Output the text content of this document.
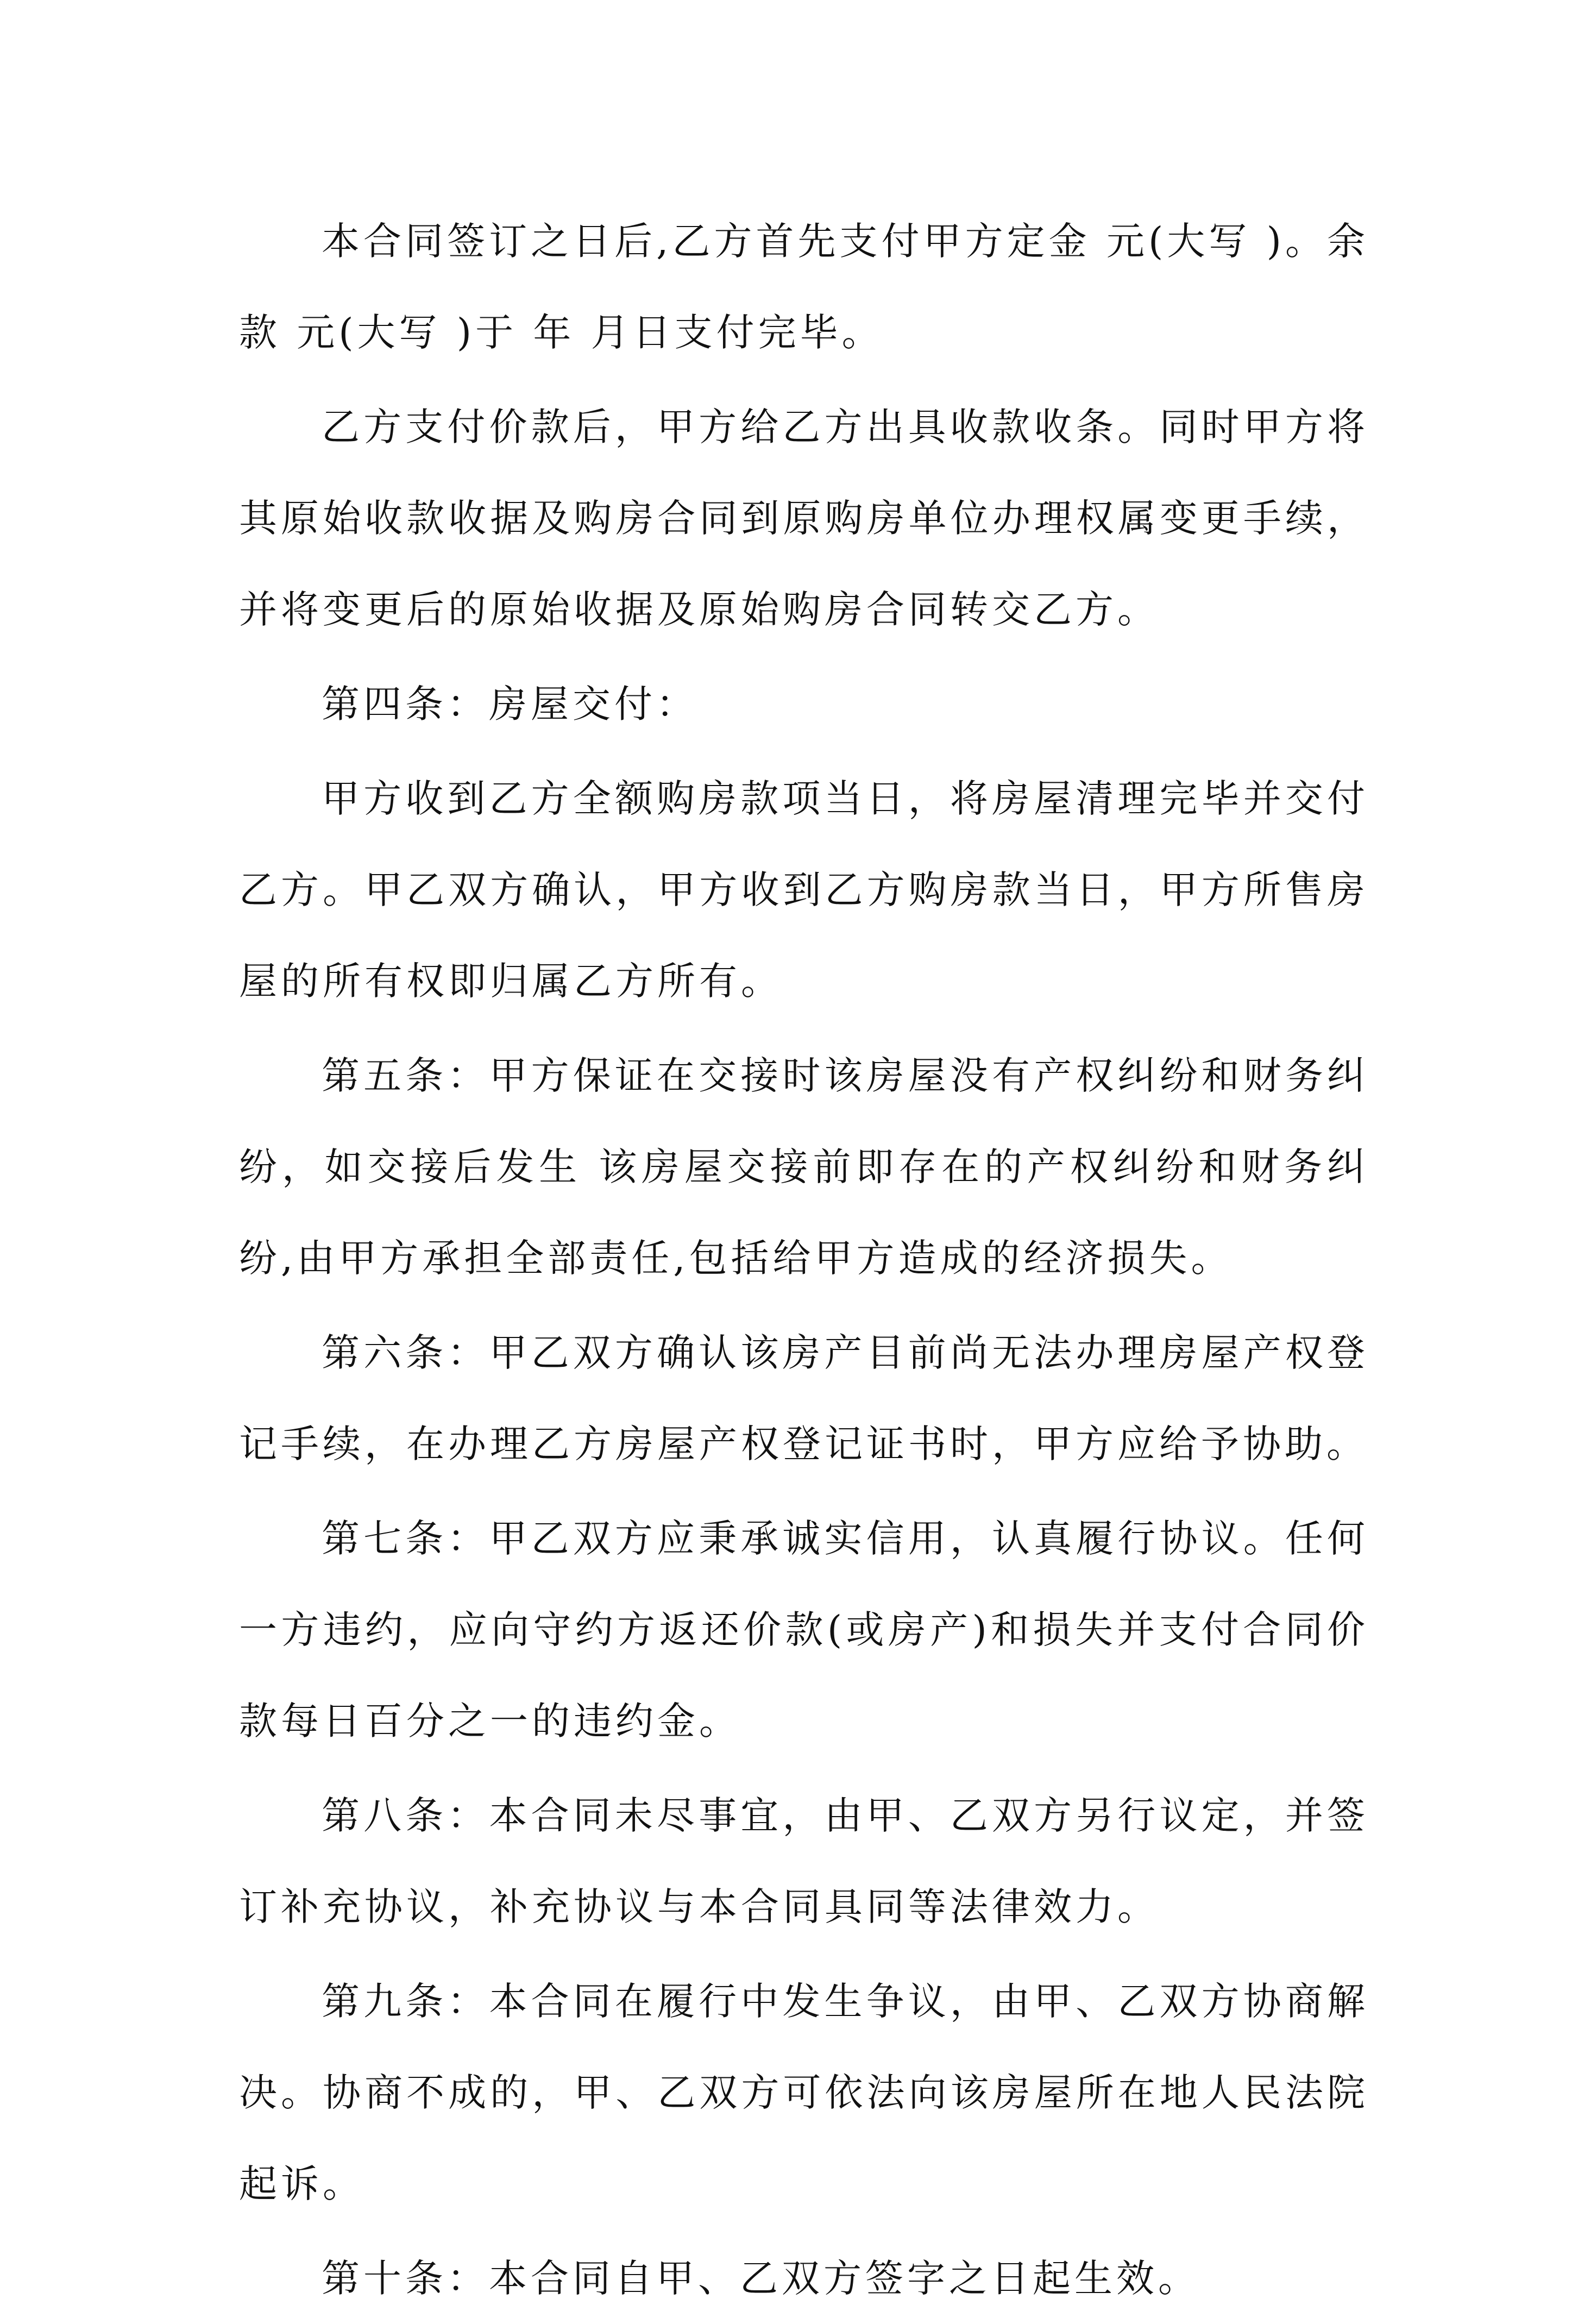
本合同签订之日后,乙方首先支付甲方定金 元(大写 )。余款 元(大写 )于 年 月日支付完毕。

乙方支付价款后，甲方给乙方出具收款收条。同时甲方将其原始收款收据及购房合同到原购房单位办理权属变更手续，并将变更后的原始收据及原始购房合同转交乙方。

第四条：房屋交付：

甲方收到乙方全额购房款项当日，将房屋清理完毕并交付乙方。甲乙双方确认，甲方收到乙方购房款当日，甲方所售房屋的所有权即归属乙方所有。

第五条：甲方保证在交接时该房屋没有产权纠纷和财务纠纷，如交接后发生 该房屋交接前即存在的产权纠纷和财务纠纷,由甲方承担全部责任,包括给甲方造成的经济损失。

第六条：甲乙双方确认该房产目前尚无法办理房屋产权登记手续，在办理乙方房屋产权登记证书时，甲方应给予协助。

第七条：甲乙双方应秉承诚实信用，认真履行协议。任何一方违约，应向守约方返还价款(或房产)和损失并支付合同价款每日百分之一的违约金。

第八条：本合同未尽事宜，由甲、乙双方另行议定，并签订补充协议，补充协议与本合同具同等法律效力。

第九条：本合同在履行中发生争议，由甲、乙双方协商解决。协商不成的，甲、乙双方可依法向该房屋所在地人民法院起诉。

第十条：本合同自甲、乙双方签字之日起生效。
